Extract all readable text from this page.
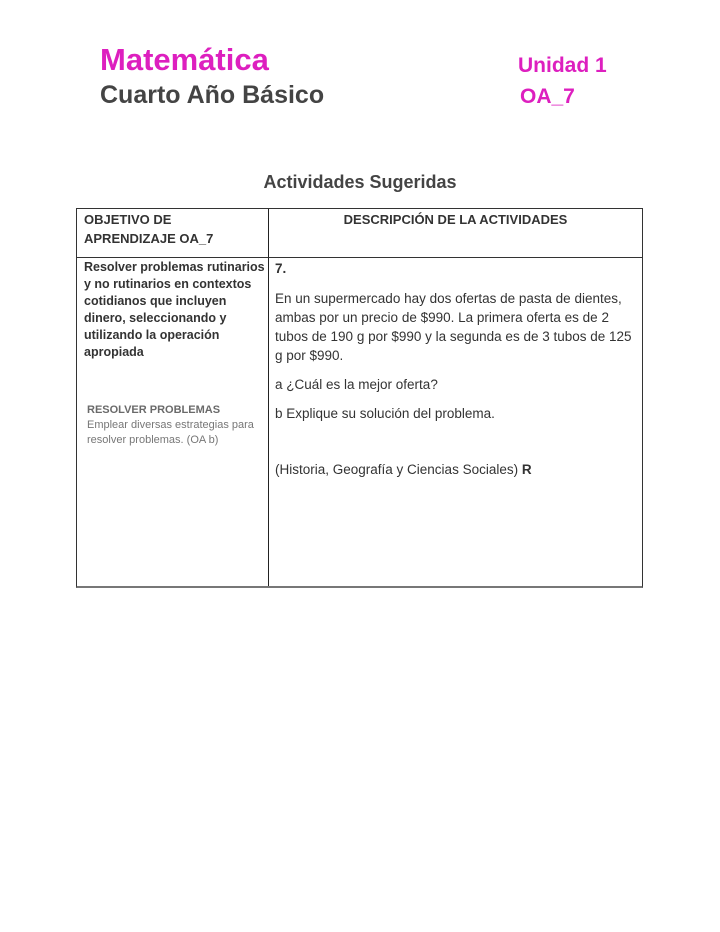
Matemática
Cuarto Año Básico
Unidad 1
OA_7
Actividades Sugeridas
OBJETIVO DE APRENDIZAJE OA_7
DESCRIPCIÓN DE LA ACTIVIDADES
Resolver problemas rutinarios y no rutinarios en contextos cotidianos que incluyen dinero, seleccionando y utilizando la operación apropiada
RESOLVER PROBLEMAS
Emplear diversas estrategias para resolver problemas. (OA b)
7.

En un supermercado hay dos ofertas de pasta de dientes, ambas por un precio de $990. La primera oferta es de 2 tubos de 190 g por $990 y la segunda es de 3 tubos de 125 g por $990.

a ¿Cuál es la mejor oferta?

b Explique su solución del problema.

(Historia, Geografía y Ciencias Sociales) R
